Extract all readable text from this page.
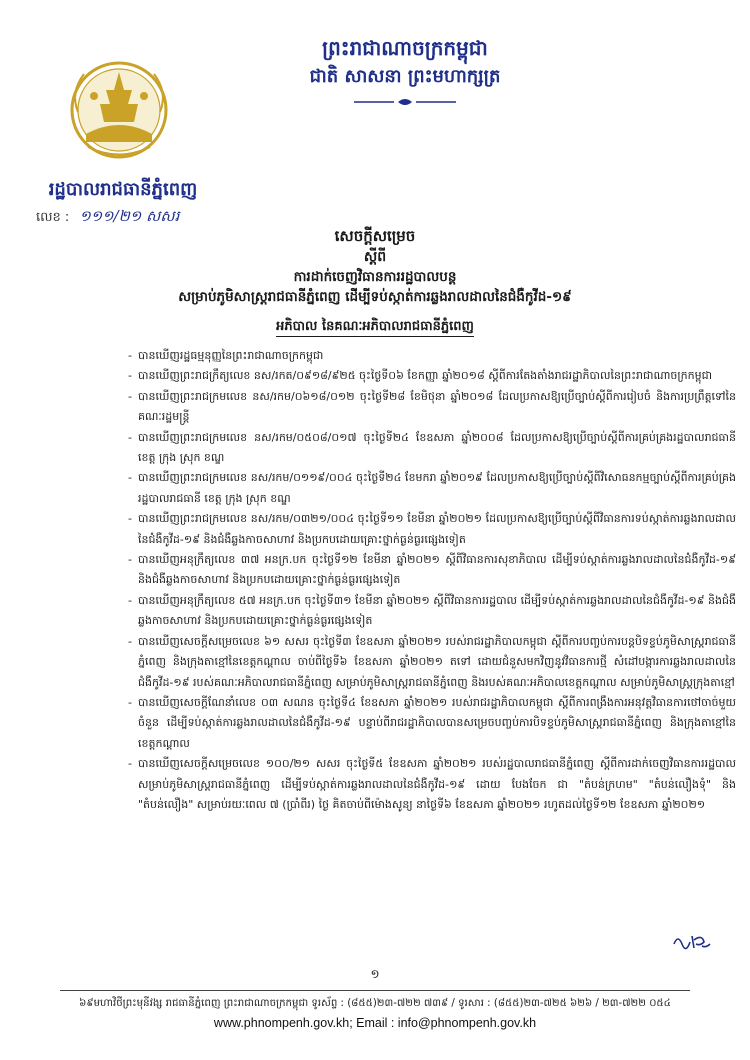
ព្រះរាជាណាចក្រកម្ពុជា
ជាតិ សាសនា ព្រះមហាក្សត្រ
រដ្ឋបាលរាជធានីភ្នំពេញ
លេខ : ១១១/២១ សសរ
សេចក្តីសម្រេច
ស្តីពី
ការដាក់ចេញវិធានការរដ្ឋបាលបន្ត
សម្រាប់ភូមិសាស្ត្ររាជធានីភ្នំពេញ ដើម្បីទប់ស្កាត់ការឆ្លងរាលដាលនៃជំងឺកូវីដ-១៩
អភិបាល នៃគណៈអភិបាលរាជធានីភ្នំពេញ
- បានឃើញរដ្ឋធម្មនុញ្ញនៃព្រះរាជាណាចក្រកម្ពុជា
- បានឃើញព្រះរាជក្រឹត្យលេខ នស/រកត/០៩១៨/៩២៥ ចុះថ្ងៃទី០៦ ខែកញ្ញា ឆ្នាំ២០១៨ ស្តីពីការតែងតាំងរាជរដ្ឋាភិបាលនៃព្រះរាជាណាចក្រកម្ពុជា
- បានឃើញព្រះរាជក្រមលេខ នស/រកម/០៦១៨/០១២ ចុះថ្ងៃទី២៨ ខែមិថុនា ឆ្នាំ២០១៨ ដែលប្រកាសឱ្យប្រើច្បាប់ស្តីពីការរៀបចំ និងការប្រព្រឹត្តទៅនៃគណៈរដ្ឋមន្ត្រី
- បានឃើញព្រះរាជក្រមលេខ នស/រកម/០៥០៨/០១៧ ចុះថ្ងៃទី២៤ ខែឧសភា ឆ្នាំ២០០៨ ដែលប្រកាសឱ្យប្រើច្បាប់ស្តីពីការគ្រប់គ្រងរដ្ឋបាលរាជធានី ខេត្ត ក្រុង ស្រុក ខណ្ឌ
- បានឃើញព្រះរាជក្រមលេខ នស/រកម/០១១៩/០០៤ ចុះថ្ងៃទី២៤ ខែមករា ឆ្នាំ២០១៩ ដែលប្រកាសឱ្យប្រើច្បាប់ស្តីពីវិសោធនកម្មច្បាប់ស្តីពីការគ្រប់គ្រងរដ្ឋបាលរាជធានី ខេត្ត ក្រុង ស្រុក ខណ្ឌ
- បានឃើញព្រះរាជក្រមលេខ នស/រកម/០៣២១/០០៤ ចុះថ្ងៃទី១១ ខែមីនា ឆ្នាំ២០២១ ដែលប្រកាសឱ្យប្រើច្បាប់ស្តីពីវិធានការទប់ស្កាត់ការឆ្លងរាលដាលនៃជំងឺកូវីដ-១៩ និងជំងឺឆ្លងកាចសាហាវ និងប្រកបដោយគ្រោះថ្នាក់ធ្ងន់ធ្ងរផ្សេងទៀត
- បានឃើញអនុក្រឹត្យលេខ ៣៧ អនក្រ.បក ចុះថ្ងៃទី១២ ខែមីនា ឆ្នាំ២០២១ ស្តីពីវិធានការសុខាភិបាល ដើម្បីទប់ស្កាត់ការឆ្លងរាលដាលនៃជំងឺកូវីដ-១៩ និងជំងឺឆ្លងកាចសាហាវ និងប្រកបដោយគ្រោះថ្នាក់ធ្ងន់ធ្ងរផ្សេងទៀត
- បានឃើញអនុក្រឹត្យលេខ ៥៧ អនក្រ.បក ចុះថ្ងៃទី៣១ ខែមីនា ឆ្នាំ២០២១ ស្តីពីវិធានការរដ្ឋបាល ដើម្បីទប់ស្កាត់ការឆ្លងរាលដាលនៃជំងឺកូវីដ-១៩ និងជំងឺឆ្លងកាចសាហាវ និងប្រកបដោយគ្រោះថ្នាក់ធ្ងន់ធ្ងរផ្សេងទៀត
- បានឃើញសេចក្តីសម្រេចលេខ ៦១ សសរ ចុះថ្ងៃទី៣ ខែឧសភា ឆ្នាំ២០២១ របស់រាជរដ្ឋាភិបាលកម្ពុជា ស្តីពីការបញ្ចប់ការបន្តបិទខ្ទប់ភូមិសាស្ត្ររាជធានីភ្នំពេញ និងក្រុងតាខ្មៅនៃខេត្តកណ្តាល ចាប់ពីថ្ងៃទី៦ ខែឧសភា ឆ្នាំ២០២១ តទៅ ដោយជំនួសមកវិញនូវវិធានការថ្មី សំដៅបង្ការការឆ្លងរាលដាលនៃជំងឺកូវីដ-១៩ របស់គណៈអភិបាលរាជធានីភ្នំពេញ សម្រាប់ភូមិសាស្ត្ររាជធានីភ្នំពេញ និងរបស់គណៈអភិបាលខេត្តកណ្តាល សម្រាប់ភូមិសាស្ត្រក្រុងតាខ្មៅ
- បានឃើញសេចក្តីណែនាំលេខ ០៣ សណន ចុះថ្ងៃទី៤ ខែឧសភា ឆ្នាំ២០២១ របស់រាជរដ្ឋាភិបាលកម្ពុជា ស្តីពីការពង្រឹងការអនុវត្តវិធានការថៅចាច់មួយចំនួន ដើម្បីទប់ស្កាត់ការឆ្លងរាលដាលនៃជំងឺកូវីដ-១៩ បន្ទាប់ពីរាជរដ្ឋាភិបាលបានសម្រេចបញ្ចប់ការបិទខ្ទប់ភូមិសាស្ត្ររាជធានីភ្នំពេញ និងក្រុងតាខ្មៅនៃខេត្តកណ្តាល
- បានឃើញសេចក្តីសម្រេចលេខ ១០០/២១ សសរ ចុះថ្ងៃទី៥ ខែឧសភា ឆ្នាំ២០២១ របស់រដ្ឋបាលរាជធានីភ្នំពេញ ស្តីពីការដាក់ចេញវិធានការរដ្ឋបាល សម្រាប់ភូមិសាស្ត្ររាជធានីភ្នំពេញ ដើម្បីទប់ស្កាត់ការឆ្លងរាលដាលនៃជំងឺកូវីដ-១៩ ដោយ បែងចែក ជា "តំបន់ក្រហម" "តំបន់លឿងទុំ" និង "តំបន់លឿង" សម្រាប់រយៈពេល ៧ (ប្រាំពីរ) ថ្ងៃ គិតចាប់ពីម៉ោងសូន្យ នាថ្ងៃទី៦ ខែឧសភា ឆ្នាំ២០២១ រហូតដល់ថ្ងៃទី១២ ខែឧសភា ឆ្នាំ២០២១
១
៦៩មហាវិថីព្រះមុនីវង្ស រាជធានីភ្នំពេញ ព្រះរាជាណាចក្រកម្ពុជា ទូរស័ព្ទ : (៨៥៥)២៣-៧២២ ៧៣៩ / ទូរសារ : (៨៥៥)២៣-៧២៥ ៦២៦ / ២៣-៧២២ ០៥៤
www.phnompenh.gov.kh; Email : info@phnompenh.gov.kh
